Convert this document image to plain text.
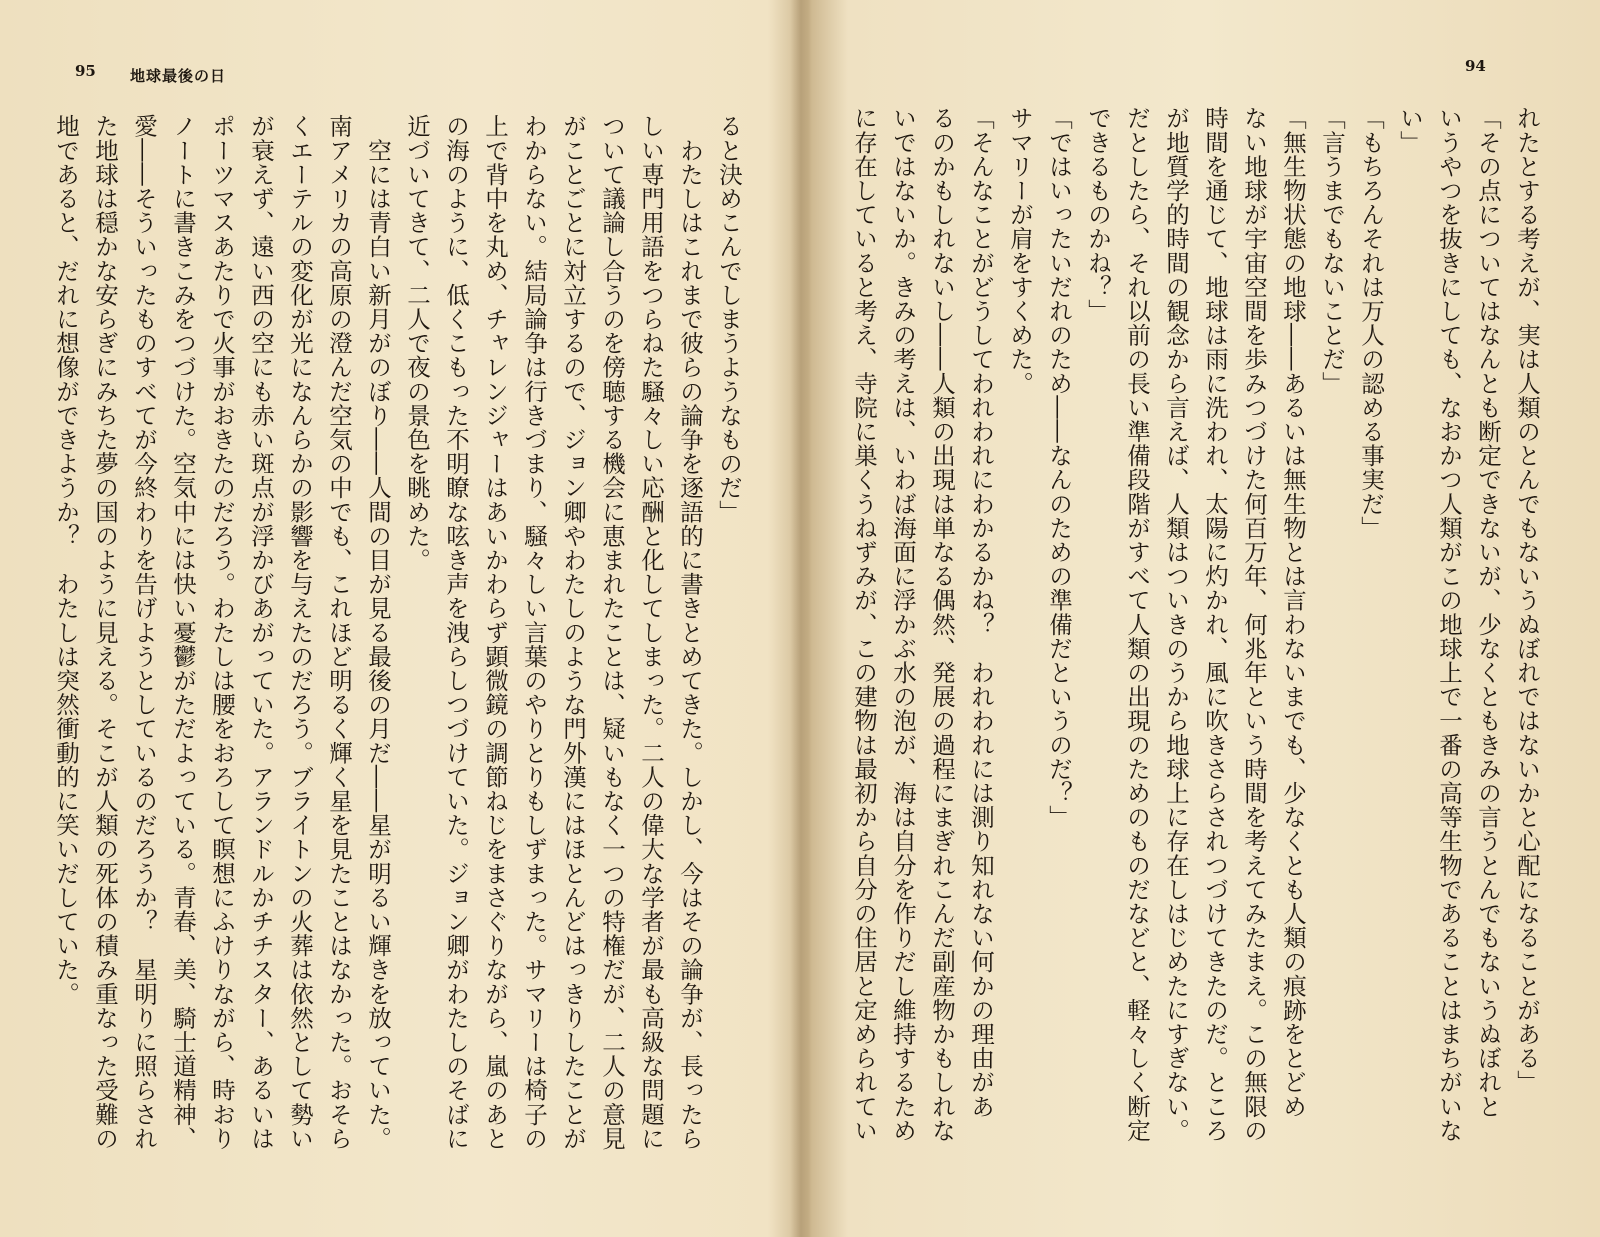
95 地球最後の日
ると決めこんでしまうようなものだ」
　わたしはこれまで彼らの論争を逐語的に書きとめてきた。しかし、今はその論争が、長ったら
しい専門用語をつらねた騒々しい応酬と化してしまった。二人の偉大な学者が最も高級な問題に
ついて議論し合うのを傍聴する機会に恵まれたことは、疑いもなく一つの特権だが、二人の意見
がことごとに対立するので、ジョン卿やわたしのような門外漢にはほとんどはっきりしたことが
わからない。結局論争は行きづまり、騒々しい言葉のやりとりもしずまった。サマリーは椅子の
上で背中を丸め、チャレンジャーはあいかわらず顕微鏡の調節ねじをまさぐりながら、嵐のあと
の海のように、低くこもった不明瞭な呟き声を洩らしつづけていた。ジョン卿がわたしのそばに
近づいてきて、二人で夜の景色を眺めた。
　空には青白い新月がのぼり――人間の目が見る最後の月だ――星が明るい輝きを放っていた。
南アメリカの高原の澄んだ空気の中でも、これほど明るく輝く星を見たことはなかった。おそら
くエーテルの変化が光になんらかの影響を与えたのだろう。ブライトンの火葬は依然として勢い
が衰えず、遠い西の空にも赤い斑点が浮かびあがっていた。アランドルかチチスター、あるいは
ポーツマスあたりで火事がおきたのだろう。わたしは腰をおろして瞑想にふけりながら、時おり
ノートに書きこみをつづけた。空気中には快い憂鬱がただよっている。青春、美、騎士道精神、
愛――そういったものすべてが今終わりを告げようとしているのだろうか？　星明りに照らされ
た地球は穏かな安らぎにみちた夢の国のように見える。そこが人類の死体の積み重なった受難の
地であると、だれに想像ができようか？　わたしは突然衝動的に笑いだしていた。
94
れたとする考えが、実は人類のとんでもないうぬぼれではないかと心配になることがある」
「その点についてはなんとも断定できないが、少なくともきみの言うとんでもないうぬぼれと
いうやつを抜きにしても、なおかつ人類がこの地球上で一番の高等生物であることはまちがいな
い」
「もちろんそれは万人の認める事実だ」
「言うまでもないことだ」
「無生物状態の地球――あるいは無生物とは言わないまでも、少なくとも人類の痕跡をとどめ
ない地球が宇宙空間を歩みつづけた何百万年、何兆年という時間を考えてみたまえ。この無限の
時間を通じて、地球は雨に洗われ、太陽に灼かれ、風に吹きさらされつづけてきたのだ。ところ
が地質学的時間の観念から言えば、人類はついきのうから地球上に存在しはじめたにすぎない。
だとしたら、それ以前の長い準備段階がすべて人類の出現のためのものだなどと、軽々しく断定
できるものかね？」
「ではいったいだれのため――なんのための準備だというのだ？」
サマリーが肩をすくめた。
「そんなことがどうしてわれわれにわかるかね？　われわれには測り知れない何かの理由があ
るのかもしれないし――人類の出現は単なる偶然、発展の過程にまぎれこんだ副産物かもしれな
いではないか。きみの考えは、いわば海面に浮かぶ水の泡が、海は自分を作りだし維持するため
に存在していると考え、寺院に巣くうねずみが、この建物は最初から自分の住居と定められてい
